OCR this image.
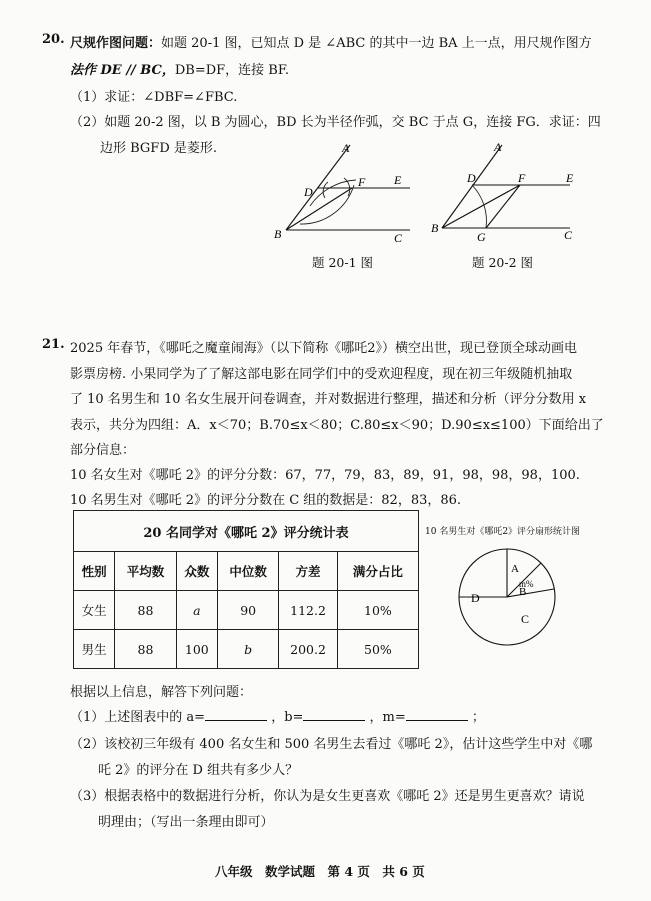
20. 尺规作图问题：如题 20-1 图，已知点 D 是 ∠ABC 的其中一边 BA 上一点，用尺规作图方
法作 DE // BC，DB=DF，连接 BF.
（1）求证：∠DBF=∠FBC.
（2）如题 20-2 图，以 B 为圆心，BD 长为半径作弧，交 BC 于点 G，连接 FG．求证：四
边形 BGFD 是菱形.	A
B	C
D
E
F
题 20-1 图
A
B	C
D	E
F
G
题 20-2 图
21. 2025 年春节，《哪吒之魔童闹海》（以下简称《哪吒2》）横空出世，现已登顶全球动画电
影票房榜. 小果同学为了了解这部电影在同学们中的受欢迎程度，现在初三年级随机抽取
了 10 名男生和 10 名女生展开问卷调查，并对数据进行整理，描述和分析（评分分数用 x
表示，共分为四组：A．x＜70；B.70≤x＜80；C.80≤x＜90；D.90≤x≤100）下面给出了
部分信息：
10 名女生对《哪吒 2》的评分分数：67，77，79，83，89，91，98，98，98，100.
10 名男生对《哪吒 2》的评分分数在 C 组的数据是：82，83，86.
20 名同学对《哪吒 2》评分统计表					
性别	平均数	众数	中位数	方差	满分占比
女生	88	a	90	112.2	10%
男生	88	100	b	200.2	50%
10 名男生对《哪吒2》评分扇形统计图
A
m%
B
D
C
根据以上信息，解答下列问题：
（1）上述图表中的 a=	，b=	，m=	；
（2）该校初三年级有 400 名女生和 500 名男生去看过《哪吒 2》，估计这些学生中对《哪
吒 2》的评分在 D 组共有多少人？
（3）根据表格中的数据进行分析，你认为是女生更喜欢《哪吒 2》还是男生更喜欢？请说
明理由；（写出一条理由即可）
八年级　数学试题　第 4 页　共 6 页
